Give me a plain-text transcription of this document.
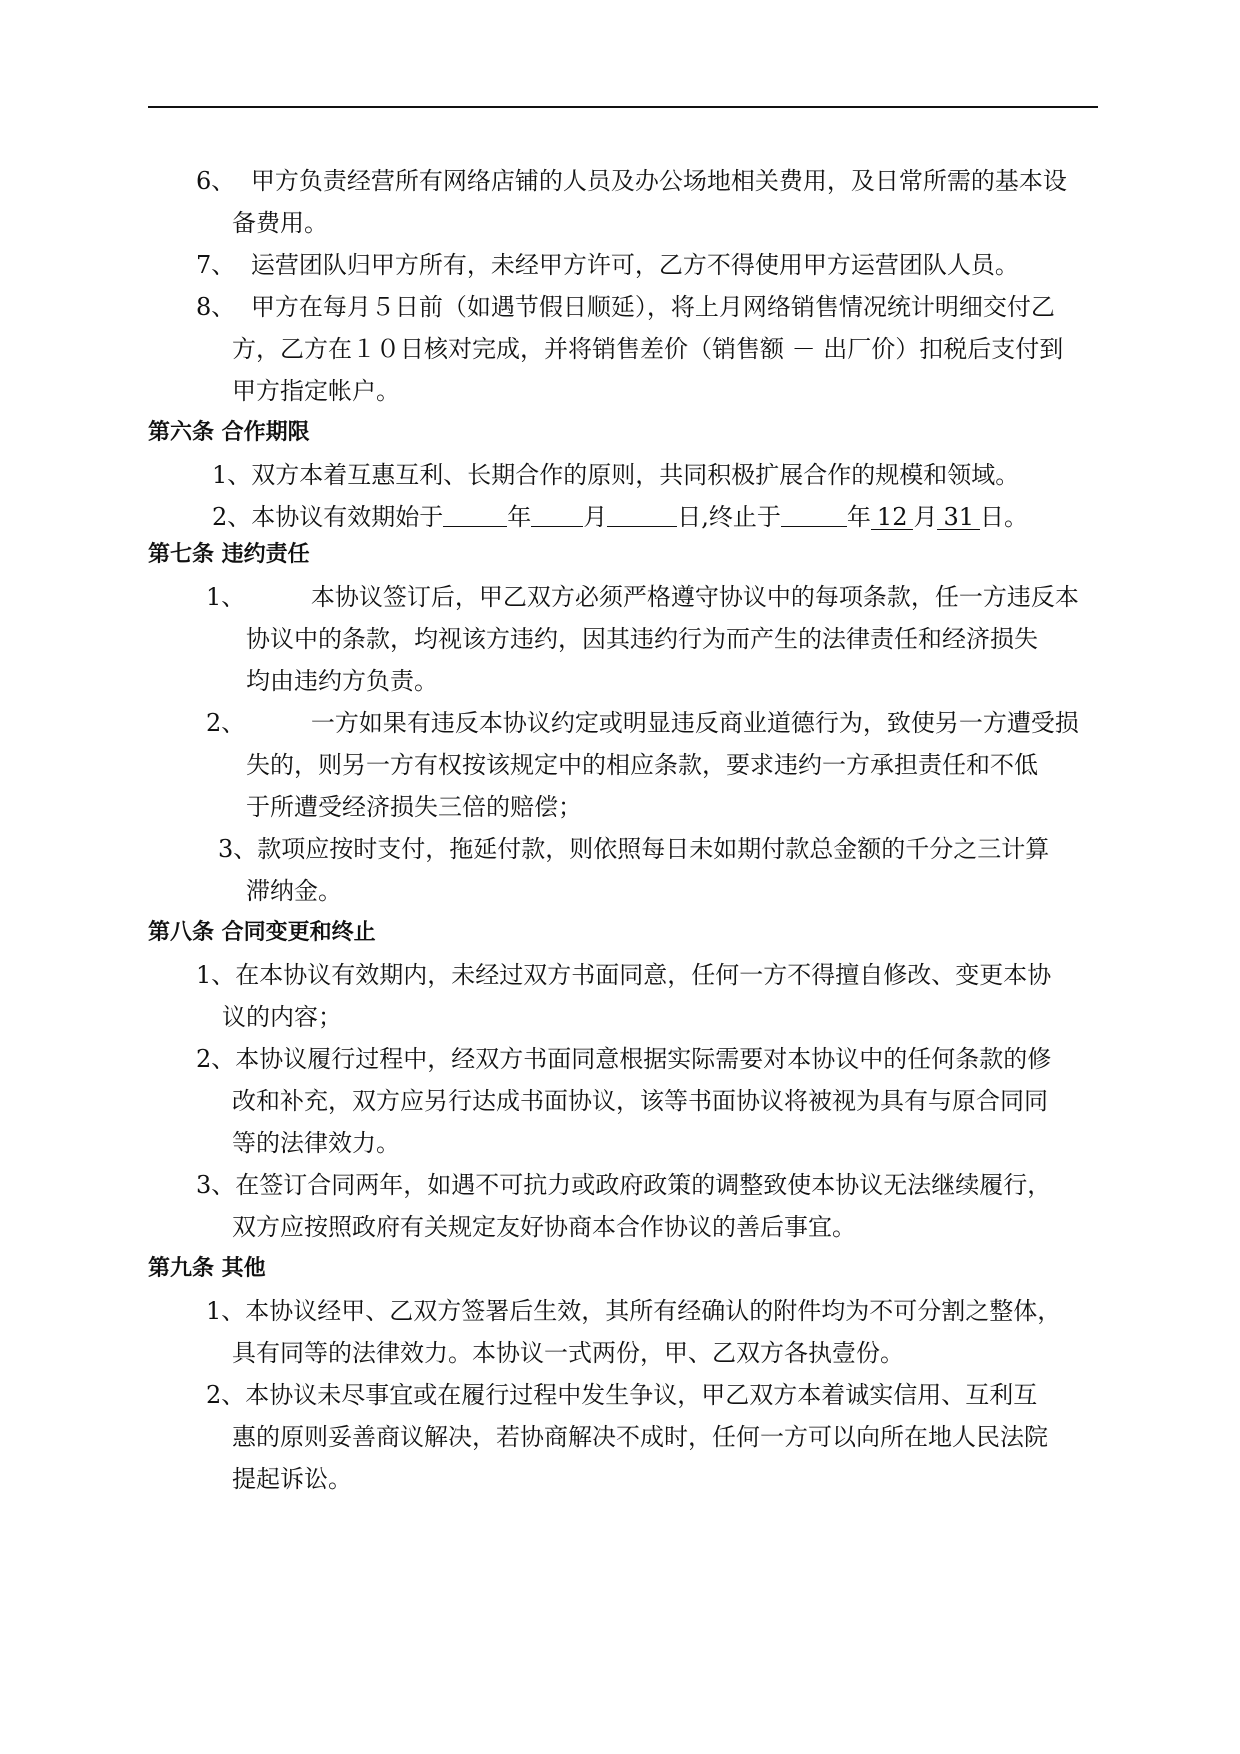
6、 甲方负责经营所有网络店铺的人员及办公场地相关费用，及日常所需的基本设
备费用。
7、 运营团队归甲方所有，未经甲方许可，乙方不得使用甲方运营团队人员。
8、 甲方在每月５日前（如遇节假日顺延），将上月网络销售情况统计明细交付乙
方，乙方在１０日核对完成，并将销售差价（销售额 － 出厂价）扣税后支付到
甲方指定帐户。
第六条 合作期限
1、双方本着互惠互利、长期合作的原则，共同积极扩展合作的规模和领域。
2、本协议有效期始于	年 月	日,终止于	年 12 月 31 日。
第七条 违约责任
1、	本协议签订后，甲乙双方必须严格遵守协议中的每项条款，任一方违反本
协议中的条款，均视该方违约，因其违约行为而产生的法律责任和经济损失
均由违约方负责。
2、	一方如果有违反本协议约定或明显违反商业道德行为，致使另一方遭受损
失的，则另一方有权按该规定中的相应条款，要求违约一方承担责任和不低
于所遭受经济损失三倍的赔偿；
3、款项应按时支付，拖延付款，则依照每日未如期付款总金额的千分之三计算
滞纳金。
第八条 合同变更和终止
1、在本协议有效期内，未经过双方书面同意，任何一方不得擅自修改、变更本协
议的内容；
2、本协议履行过程中，经双方书面同意根据实际需要对本协议中的任何条款的修
改和补充，双方应另行达成书面协议，该等书面协议将被视为具有与原合同同
等的法律效力。
3、在签订合同两年，如遇不可抗力或政府政策的调整致使本协议无法继续履行，
双方应按照政府有关规定友好协商本合作协议的善后事宜。
第九条 其他
1、本协议经甲、乙双方签署后生效，其所有经确认的附件均为不可分割之整体，
具有同等的法律效力。本协议一式两份，甲、乙双方各执壹份。
2、本协议未尽事宜或在履行过程中发生争议，甲乙双方本着诚实信用、互利互
惠的原则妥善商议解决，若协商解决不成时，任何一方可以向所在地人民法院
提起诉讼。
